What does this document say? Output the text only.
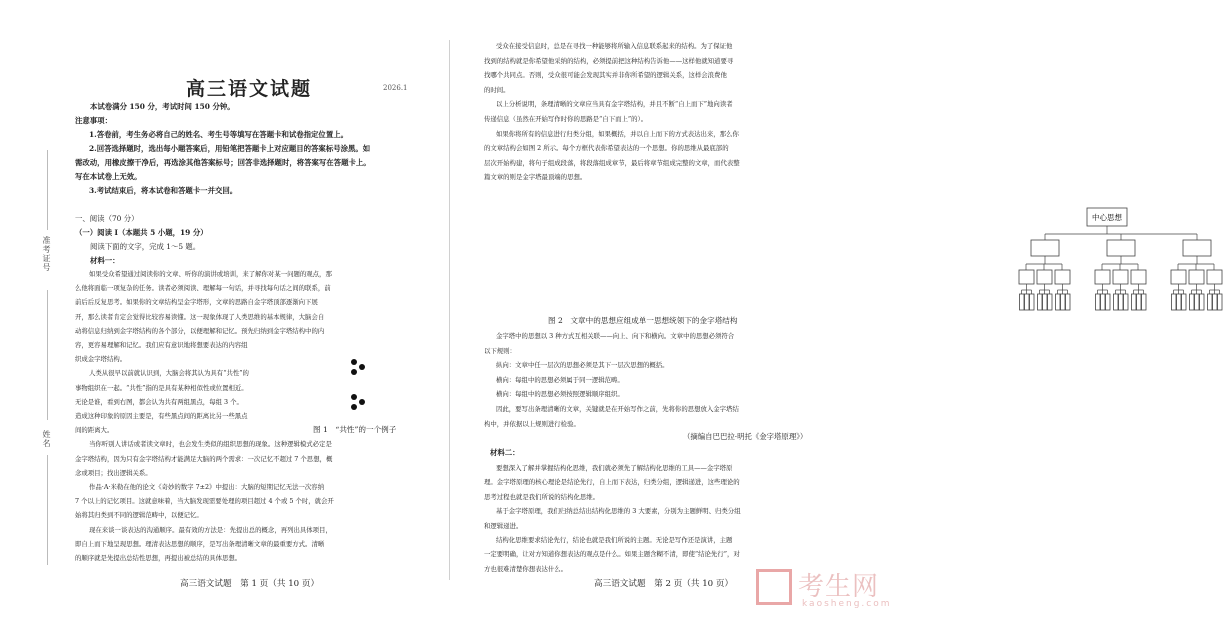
高三语文试题	2026.1
准考证号
姓名
本试卷满分 150 分，考试时间 150 分钟。
注意事项：
1.答卷前，考生务必将自己的姓名、考生号等填写在答题卡和试卷指定位置上。
2.回答选择题时，选出每小题答案后，用铅笔把答题卡上对应题目的答案标号涂黑。如
需改动，用橡皮擦干净后，再选涂其他答案标号；回答非选择题时，将答案写在答题卡上。
写在本试卷上无效。
3.考试结束后，将本试卷和答题卡一并交回。
一、阅读（70 分）
（一）阅读 Ⅰ（本题共 5 小题，19 分）
阅读下面的文字，完成 1～5 题。
材料一：
如果受众希望通过阅读你的文章、听你的演讲或培训，来了解你对某一问题的观点，那
么他将面临一项复杂的任务。读者必须阅读、理解每一句话，并寻找每句话之间的联系，前
前后后反复思考。如果你的文章结构呈金字塔形，文章的思路自金字塔顶部逐渐向下展
开，那么读者肯定会觉得比较容易读懂。这一现象体现了人类思维的基本规律，大脑会自
动将信息归纳到金字塔结构的各个部分，以便理解和记忆。预先归纳到金字塔结构中的内
容，更容易理解和记忆。我们应有意识地将想要表达的内容组
织成金字塔结构。
人类从很早以前就认识到，大脑会将其认为具有“共性”的
事物组织在一起。“共性”指的是具有某种相似性或位置相近。
无论是谁，看到右图，都会认为共有两组黑点，每组 3 个。
造成这种印象的原因主要是，有些黑点间的距离比另一些黑点
间的距离大。
当你听别人讲话或者读文章时，也会发生类似的组织思想的现象。这种逻辑模式必定是
金字塔结构，因为只有金字塔结构才能满足大脑的两个需求：一次记忆不超过 7 个思想，概
念或项目；找出逻辑关系。
作品·A·米勒在他的论文《奇妙的数字 7±2》中提出：大脑的短期记忆无法一次容纳
7 个以上的记忆项目。这就意味着，当大脑发现需要处理的项目超过 4 个或 5 个时，就会开
始将其归类到不同的逻辑范畴中，以便记忆。
现在来谈一谈表达的沟通顺序。最有效的方法是：先提出总的概念，再列出具体项目，
即自上而下地呈现思想。理清表达思想的顺序，是写出条理清晰文章的最重要方式。清晰
的顺序就是先提出总结性思想，再提出被总结的具体思想。
图 1　“共性”的一个例子
高三语文试题　第 1 页（共 10 页）
受众在接受信息时，总是在寻找一种能够将所输入信息联系起来的结构。为了保证他
找到的结构就是你希望他采纳的结构，必须提前把这种结构告诉他——这样他就知道要寻
找哪个共同点。否则，受众很可能会发现其实并非你所希望的逻辑关系，这样会浪费他
的时间。
以上分析说明，条理清晰的文章应当具有金字塔结构，并且不断“自上而下”地向读者
传递信息（虽然在开始写作时你的思路是“自下而上”的）。
如果你将所有的信息进行归类分组，如果概括，并以自上而下的方式表达出来，那么你
的文章结构会如图 2 所示。每个方框代表你希望表达的一个思想。你的思维从最底部的
层次开始构建，将句子组成段落，将段落组成章节，最后将章节组成完整的文章，而代表整
篇文章的则是金字塔最顶端的思想。
中心思想
图 2　文章中的思想应组成单一思想统领下的金字塔结构
金字塔中的思想以 3 种方式互相关联——向上、向下和横向。文章中的思想必须符合
以下规则：
纵向：文章中任一层次的思想必须是其下一层次思想的概括。
横向：每组中的思想必须属于同一逻辑范畴。
横向：每组中的思想必须按照逻辑顺序组织。
因此，要写出条理清晰的文章，关键就是在开始写作之前，先将你的思想放入金字塔结
构中，并依据以上规则进行检验。
（摘编自巴巴拉·明托《金字塔原理》）
材料二：
要想深入了解并掌握结构化思维，我们就必须先了解结构化思维的工具——金字塔原
理。金字塔原理的核心理论是结论先行，自上而下表达，归类分组，逻辑递进，这些理论的
思考过程也就是我们所说的结构化思维。
基于金字塔原理，我们归纳总结出结构化思维的 3 大要素，分别为主题鲜明、归类分组
和逻辑递进。
结构化思维要求结论先行，结论也就是我们所说的主题。无论是写作还是演讲，主题
一定要明确，让对方知道你想表达的观点是什么。如果主题含糊不清，即使“结论先行”，对
方也很难清楚你想表达什么。
高三语文试题　第 2 页（共 10 页） 考生网
kaosheng.com
